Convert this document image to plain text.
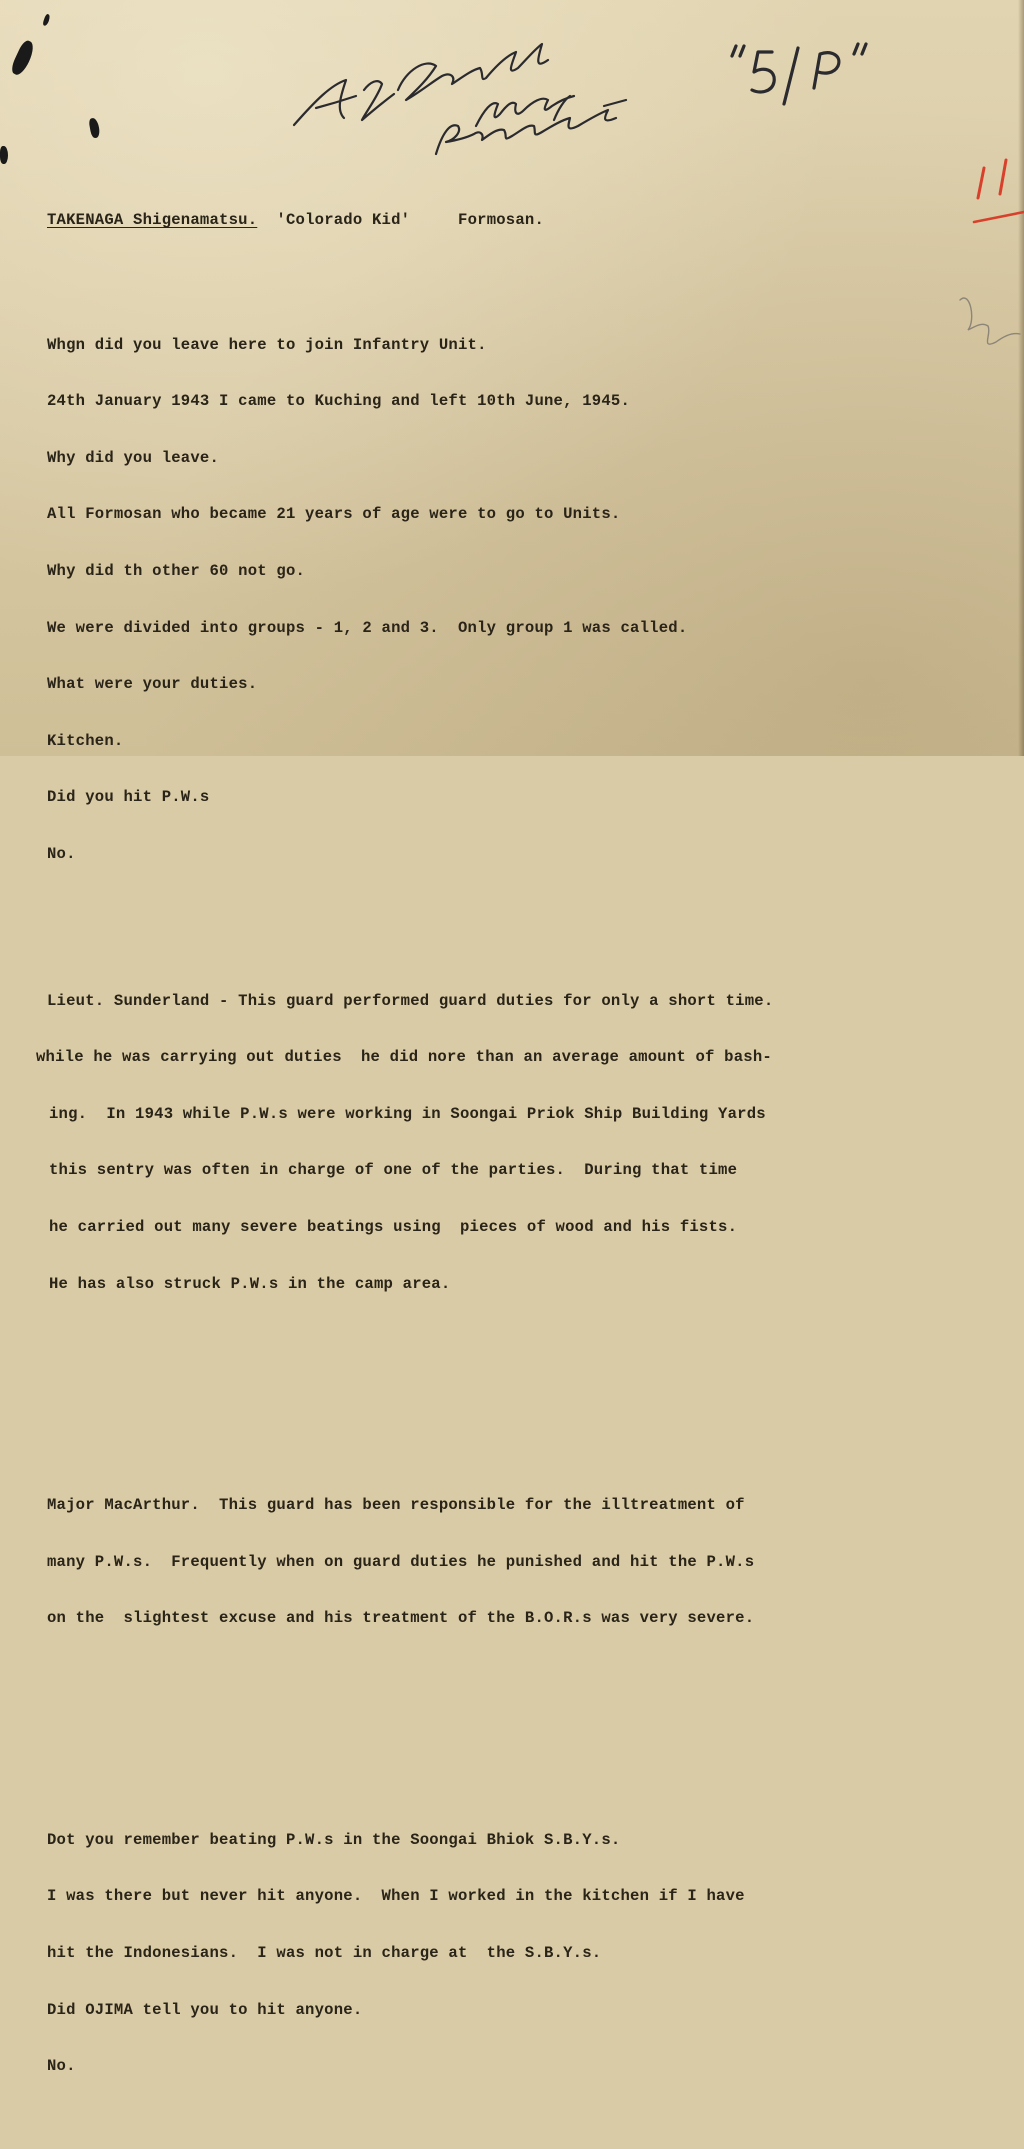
TAKENAGA Shigenamatsu. 'Colorado Kid'	Formosan.

Whgn did you leave here to join Infantry Unit.

24th January 1943 I came to Kuching and left 10th June, 1945.

Why did you leave.

All Formosan who became 21 years of age were to go to Units.

Why did th other 60 not go.

We were divided into groups - 1, 2 and 3.  Only group 1 was called.

What were your duties.

Kitchen.

Did you hit P.W.s

No.

Lieut. Sunderland - This guard performed guard duties for only a short time.

while he was carrying out duties  he did nore than an average amount of bash-

ing.  In 1943 while P.W.s were working in Soongai Priok Ship Building Yards

this sentry was often in charge of one of the parties.  During that time

he carried out many severe beatings using  pieces of wood and his fists.

He has also struck P.W.s in the camp area.

Major MacArthur.  This guard has been responsible for the illtreatment of

many P.W.s.  Frequently when on guard duties he punished and hit the P.W.s

on the  slightest excuse and his treatment of the B.O.R.s was very severe.

Dot you remember beating P.W.s in the Soongai Bhiok S.B.Y.s.

I was there but never hit anyone.  When I worked in the kitchen if I have

hit the Indonesians.  I was not in charge at  the S.B.Y.s.

Did OJIMA tell you to hit anyone.

No.
